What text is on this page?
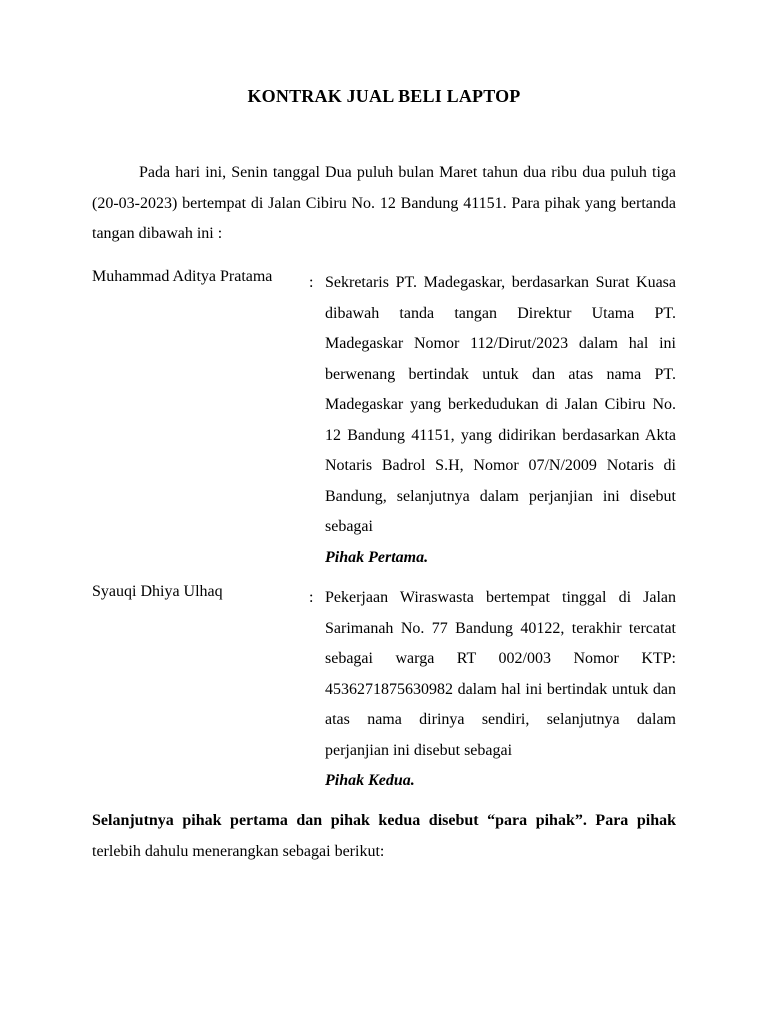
KONTRAK JUAL BELI LAPTOP

Pada hari ini, Senin tanggal Dua puluh bulan Maret tahun dua ribu dua puluh tiga (20-03-2023) bertempat di Jalan Cibiru No. 12 Bandung 41151. Para pihak yang bertanda tangan dibawah ini :

Muhammad Aditya Pratama : Sekretaris PT. Madegaskar, berdasarkan Surat Kuasa dibawah tanda tangan Direktur Utama PT. Madegaskar Nomor 112/Dirut/2023 dalam hal ini berwenang bertindak untuk dan atas nama PT. Madegaskar yang berkedudukan di Jalan Cibiru No. 12 Bandung 41151, yang didirikan berdasarkan Akta Notaris Badrol S.H, Nomor 07/N/2009 Notaris di Bandung, selanjutnya dalam perjanjian ini disebut sebagai
Pihak Pertama.

Syauqi Dhiya Ulhaq	: Pekerjaan Wiraswasta bertempat tinggal di Jalan Sarimanah No. 77 Bandung 40122, terakhir tercatat sebagai warga RT 002/003 Nomor KTP: 4536271875630982 dalam hal ini bertindak untuk dan atas nama dirinya sendiri, selanjutnya dalam perjanjian ini disebut sebagai
Pihak Kedua.

Selanjutnya pihak pertama dan pihak kedua disebut “para pihak”. Para pihak terlebih dahulu menerangkan sebagai berikut:
